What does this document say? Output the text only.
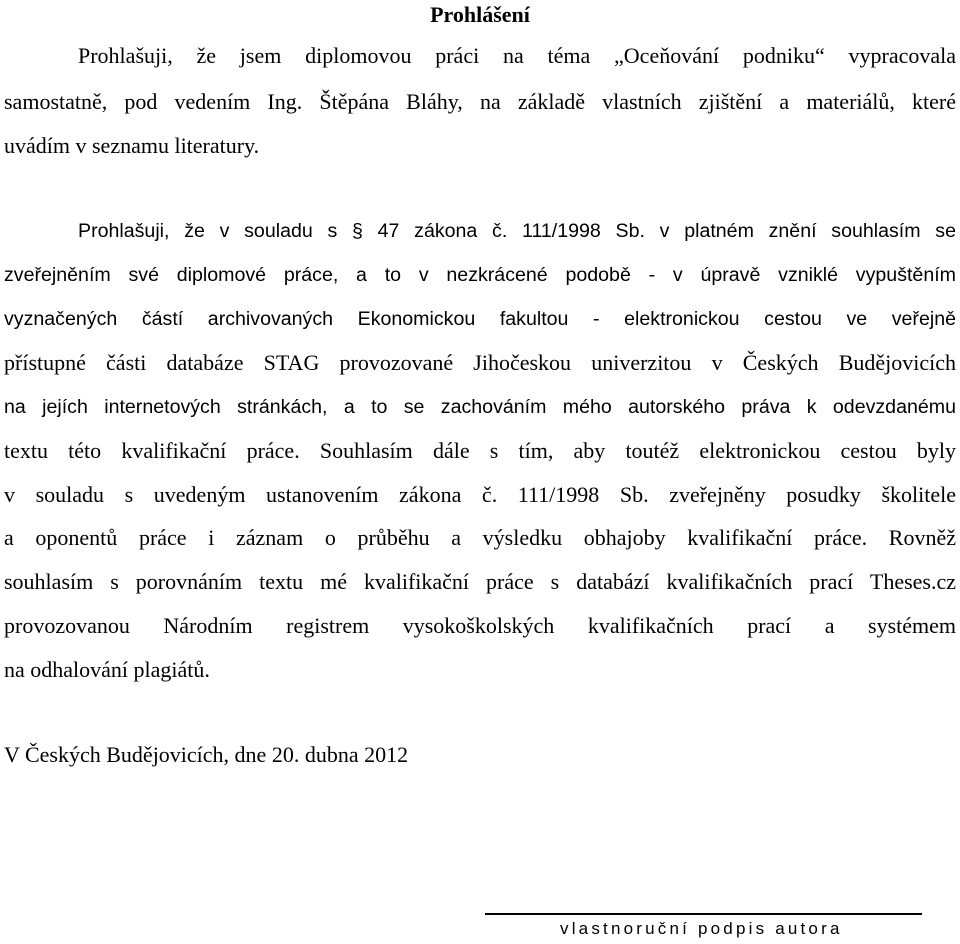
Prohlášení
Prohlašuji, že jsem diplomovou práci na téma „Oceňování podniku“ vypracovala
samostatně, pod vedením Ing. Štěpána Bláhy, na základě vlastních zjištění a materiálů, které
uvádím v seznamu literatury.
Prohlašuji, že v souladu s § 47 zákona č. 111/1998 Sb. v platném znění souhlasím se
zveřejněním své diplomové práce, a to v nezkrácené podobě - v úpravě vzniklé vypuštěním
vyznačených částí archivovaných Ekonomickou fakultou - elektronickou cestou ve veřejně
přístupné části databáze STAG provozované Jihočeskou univerzitou v Českých Budějovicích
na jejích internetových stránkách, a to se zachováním mého autorského práva k odevzdanému
textu této kvalifikační práce. Souhlasím dále s tím, aby toutéž elektronickou cestou byly
v souladu s uvedeným ustanovením zákona č. 111/1998 Sb. zveřejněny posudky školitele
a oponentů práce i záznam o průběhu a výsledku obhajoby kvalifikační práce. Rovněž
souhlasím s porovnáním textu mé kvalifikační práce s databází kvalifikačních prací Theses.cz
provozovanou Národním registrem vysokoškolských kvalifikačních prací a systémem
na odhalování plagiátů.
V Českých Budějovicích, dne 20. dubna 2012
vlastnoruční podpis autora
